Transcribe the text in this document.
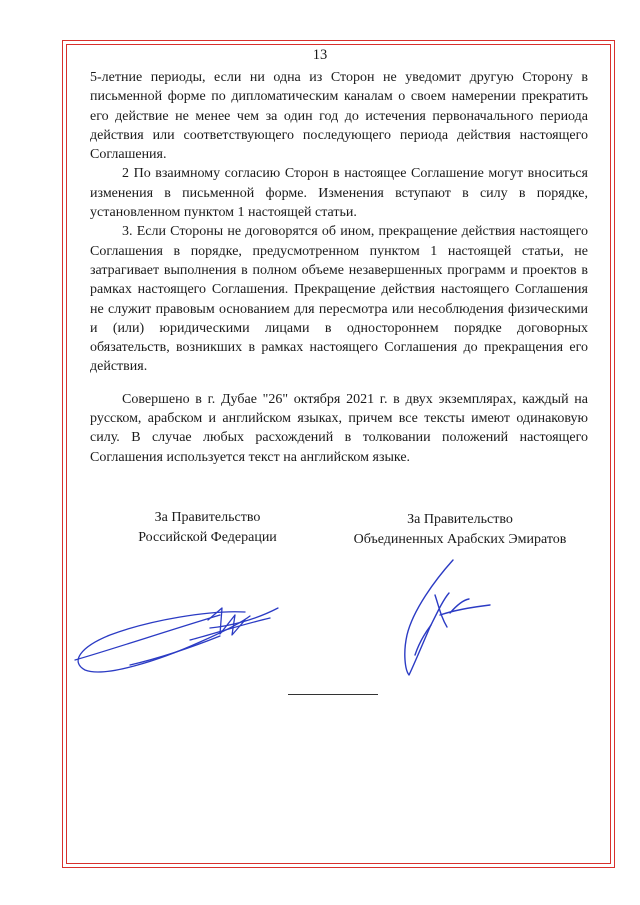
13

5-летние периоды, если ни одна из Сторон не уведомит другую Сторону в письменной форме по дипломатическим каналам о своем намерении прекратить его действие не менее чем за один год до истечения первоначального периода действия или соответствующего последующего периода действия настоящего Соглашения.

2 По взаимному согласию Сторон в настоящее Соглашение могут вноситься изменения в письменной форме. Изменения вступают в силу в порядке, установленном пунктом 1 настоящей статьи.

3. Если Стороны не договорятся об ином, прекращение действия настоящего Соглашения в порядке, предусмотренном пунктом 1 настоящей статьи, не затрагивает выполнения в полном объеме незавершенных программ и проектов в рамках настоящего Соглашения. Прекращение действия настоящего Соглашения не служит правовым основанием для пересмотра или несоблюдения физическими и (или) юридическими лицами в одностороннем порядке договорных обязательств, возникших в рамках настоящего Соглашения до прекращения его действия.

Совершено в г. Дубае "26" октября 2021 г. в двух экземплярах, каждый на русском, арабском и английском языках, причем все тексты имеют одинаковую силу. В случае любых расхождений в толковании положений настоящего Соглашения используется текст на английском языке.

За Правительство

Российской Федерации

За Правительство

Объединенных Арабских Эмиратов
